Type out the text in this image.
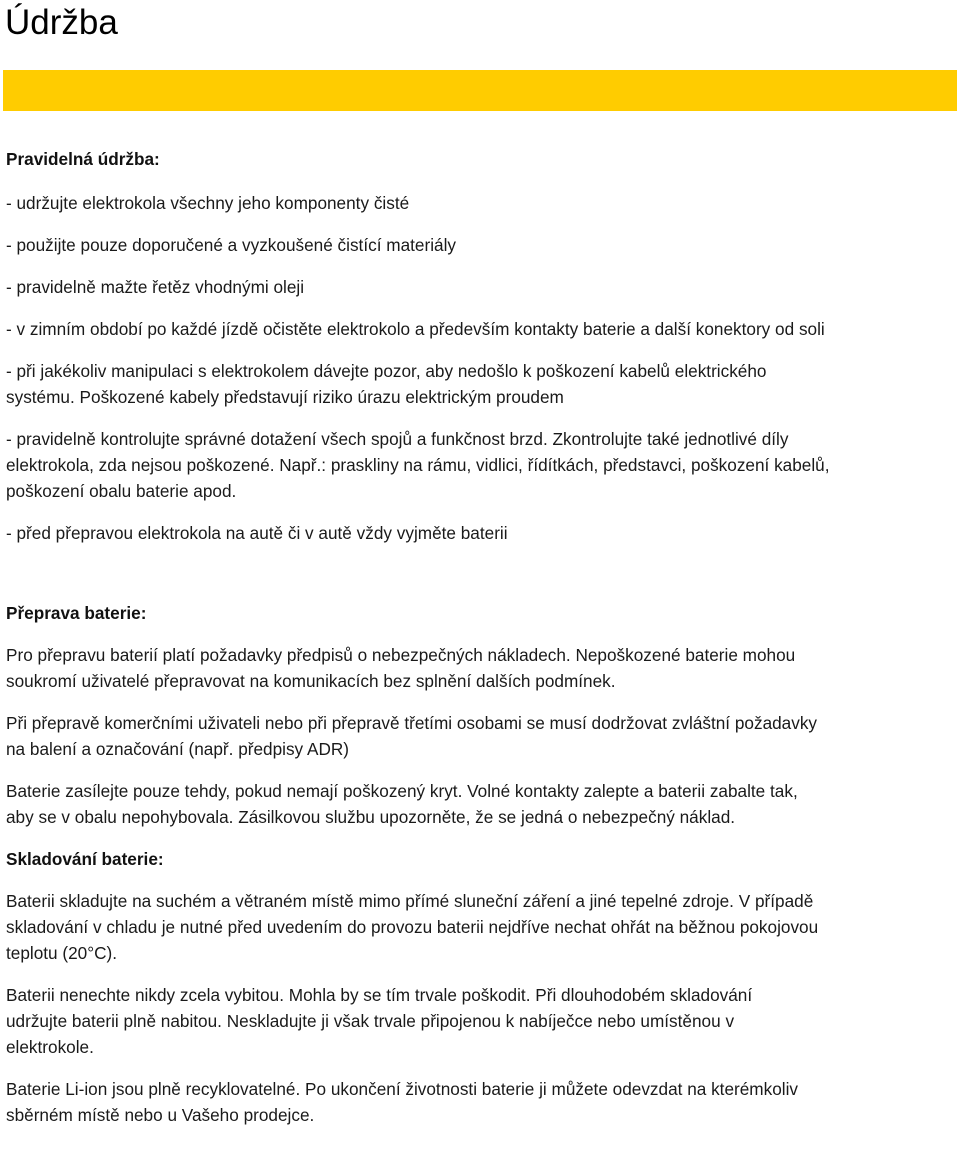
Údržba
Pravidelná údržba:

- udržujte elektrokola všechny jeho komponenty čisté

- použijte pouze doporučené a vyzkoušené čistící materiály

- pravidelně mažte řetěz vhodnými oleji

- v zimním období po každé jízdě očistěte elektrokolo a především kontakty baterie a další konektory od soli

- při jakékoliv manipulaci s elektrokolem dávejte pozor, aby nedošlo k poškození kabelů elektrického
systému. Poškozené kabely představují riziko úrazu elektrickým proudem

- pravidelně kontrolujte správné dotažení všech spojů a funkčnost brzd. Zkontrolujte také jednotlivé díly
elektrokola, zda nejsou poškozené. Např.: praskliny na rámu, vidlici, řídítkách, představci, poškození kabelů,
poškození obalu baterie apod.

- před přepravou elektrokola na autě či v autě vždy vyjměte baterii

Přeprava baterie:

Pro přepravu baterií platí požadavky předpisů o nebezpečných nákladech. Nepoškozené baterie mohou
soukromí uživatelé přepravovat na komunikacích bez splnění dalších podmínek.

Při přepravě komerčními uživateli nebo při přepravě třetími osobami se musí dodržovat zvláštní požadavky
na balení a označování (např. předpisy ADR)

Baterie zasílejte pouze tehdy, pokud nemají poškozený kryt. Volné kontakty zalepte a baterii zabalte tak,
aby se v obalu nepohybovala. Zásilkovou službu upozorněte, že se jedná o nebezpečný náklad.

Skladování baterie:

Baterii skladujte na suchém a větraném místě mimo přímé sluneční záření a jiné tepelné zdroje. V případě
skladování v chladu je nutné před uvedením do provozu baterii nejdříve nechat ohřát na běžnou pokojovou
teplotu (20°C).

Baterii nenechte nikdy zcela vybitou. Mohla by se tím trvale poškodit. Při dlouhodobém skladování
udržujte baterii plně nabitou. Neskladujte ji však trvale připojenou k nabíječce nebo umístěnou v
elektrokole.

Baterie Li-ion jsou plně recyklovatelné. Po ukončení životnosti baterie ji můžete odevzdat na kterémkoliv
sběrném místě nebo u Vašeho prodejce.
